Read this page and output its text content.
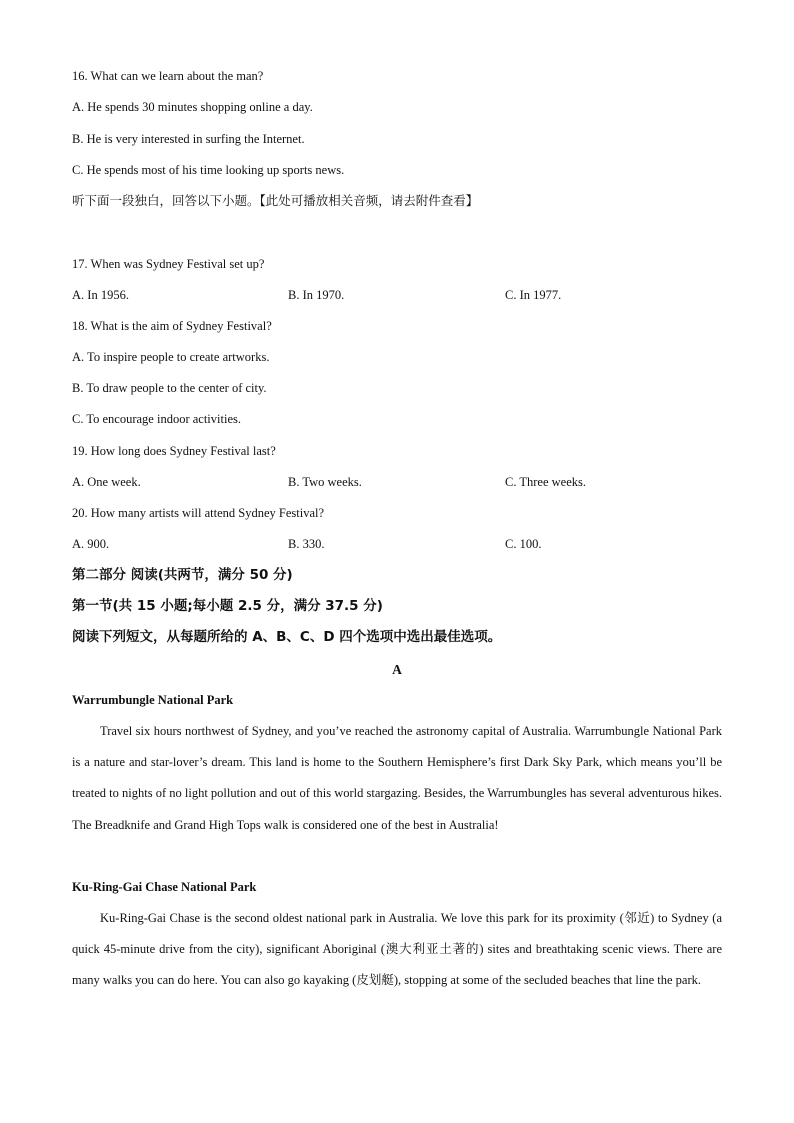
16. What can we learn about the man?
A. He spends 30 minutes shopping online a day.
B. He is very interested in surfing the Internet.
C. He spends most of his time looking up sports news.
听下面一段独白，回答以下小题。【此处可播放相关音频，请去附件查看】
17. When was Sydney Festival set up?
A. In 1956.	B. In 1970.	C. In 1977.
18. What is the aim of Sydney Festival?
A. To inspire people to create artworks.
B. To draw people to the center of city.
C. To encourage indoor activities.
19. How long does Sydney Festival last?
A. One week.	B. Two weeks.	C. Three weeks.
20. How many artists will attend Sydney Festival?
A. 900.	B. 330.	C. 100.
第二部分 阅读(共两节，满分 50 分)
第一节(共 15 小题;每小题 2.5 分，满分 37.5 分)
阅读下列短文，从每题所给的 A、B、C、D 四个选项中选出最佳选项。
A
Warrumbungle National Park

Travel six hours northwest of Sydney, and you’ve reached the astronomy capital of Australia. Warrumbungle National Park is a nature and star-lover’s dream. This land is home to the Southern Hemisphere’s first Dark Sky Park, which means you’ll be treated to nights of no light pollution and out of this world stargazing. Besides, the Warrumbungles has several adventurous hikes. The Breadknife and Grand High Tops walk is considered one of the best in Australia!

Ku-Ring-Gai Chase National Park

Ku-Ring-Gai Chase is the second oldest national park in Australia. We love this park for its proximity (邻近) to Sydney (a quick 45-minute drive from the city), significant Aboriginal (澳大利亚土著的) sites and breathtaking scenic views. There are many walks you can do here. You can also go kayaking (皮划艇), stopping at some of the secluded beaches that line the park.
